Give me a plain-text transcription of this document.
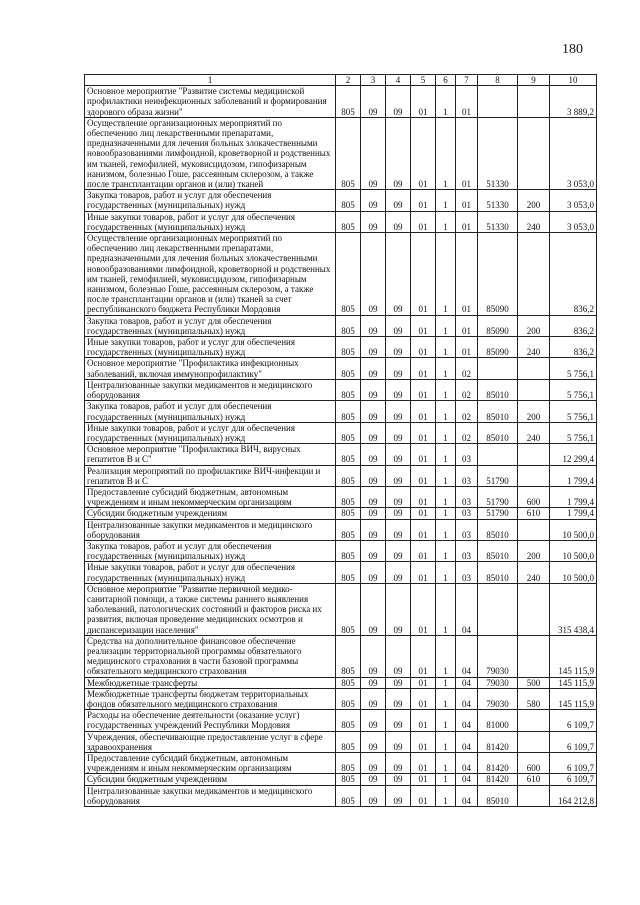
180
1	2	3	4	5	6	7	8	9	10
Основное мероприятие "Развитие системы медицинской профилактики неинфекционных заболеваний и формирования здорового образа жизни"	805	09	09	01	1	01			3 889,2
Осуществление организационных мероприятий по обеспечению лиц лекарственными препаратами, предназначенными для лечения больных злокачественными новообразованиями лимфоидной, кроветворной и родственных им тканей, гемофилией, муковисцидозом, гипофизарным нанизмом, болезнью Гоше, рассеянным склерозом, а также после трансплантации органов и (или) тканей	805	09	09	01	1	01	51330		3 053,0
Закупка товаров, работ и услуг для обеспечения государственных (муниципальных) нужд	805	09	09	01	1	01	51330	200	3 053,0
Иные закупки товаров, работ и услуг для обеспечения государственных (муниципальных) нужд	805	09	09	01	1	01	51330	240	3 053,0
Осуществление организационных мероприятий по обеспечению лиц лекарственными препаратами, предназначенными для лечения больных злокачественными новообразованиями лимфоидной, кроветворной и родственных им тканей, гемофилией, муковисцидозом, гипофизарным нанизмом, болезнью Гоше, рассеянным склерозом, а также после трансплантации органов и (или) тканей за счет республиканского бюджета Республики Мордовия	805	09	09	01	1	01	85090		836,2
Закупка товаров, работ и услуг для обеспечения государственных (муниципальных) нужд	805	09	09	01	1	01	85090	200	836,2
Иные закупки товаров, работ и услуг для обеспечения государственных (муниципальных) нужд	805	09	09	01	1	01	85090	240	836,2
Основное мероприятие "Профилактика инфекционных заболеваний, включая иммунопрофилактику"	805	09	09	01	1	02			5 756,1
Централизованные закупки медикаментов и медицинского оборудования	805	09	09	01	1	02	85010		5 756,1
Закупка товаров, работ и услуг для обеспечения государственных (муниципальных) нужд	805	09	09	01	1	02	85010	200	5 756,1
Иные закупки товаров, работ и услуг для обеспечения государственных (муниципальных) нужд	805	09	09	01	1	02	85010	240	5 756,1
Основное мероприятие "Профилактика ВИЧ, вирусных гепатитов В и С"	805	09	09	01	1	03			12 299,4
Реализация мероприятий по профилактике ВИЧ-инфекции и гепатитов В и С	805	09	09	01	1	03	51790		1 799,4
Предоставление субсидий бюджетным, автономным учреждениям и иным некоммерческим организациям	805	09	09	01	1	03	51790	600	1 799,4
Субсидии бюджетным учреждениям	805	09	09	01	1	03	51790	610	1 799,4
Централизованные закупки медикаментов и медицинского оборудования	805	09	09	01	1	03	85010		10 500,0
Закупка товаров, работ и услуг для обеспечения государственных (муниципальных) нужд	805	09	09	01	1	03	85010	200	10 500,0
Иные закупки товаров, работ и услуг для обеспечения государственных (муниципальных) нужд	805	09	09	01	1	03	85010	240	10 500,0
Основное мероприятие "Развитие первичной медико-санитарной помощи, а также системы раннего выявления заболеваний, патологических состояний и факторов риска их развития, включая проведение медицинских осмотров и диспансеризации населения"	805	09	09	01	1	04			315 438,4
Средства на дополнительное финансовое обеспечение реализации территориальной программы обязательного медицинского страхования в части базовой программы обязательного медицинского страхования	805	09	09	01	1	04	79030		145 115,9
Межбюджетные трансферты	805	09	09	01	1	04	79030	500	145 115,9
Межбюджетные трансферты бюджетам территориальных фондов обязательного медицинского страхования	805	09	09	01	1	04	79030	580	145 115,9
Расходы на обеспечение деятельности (оказание услуг) государственных учреждений Республики Мордовия	805	09	09	01	1	04	81000		6 109,7
Учреждения, обеспечивающие предоставление услуг в сфере здравоохранения	805	09	09	01	1	04	81420		6 109,7
Предоставление субсидий бюджетным, автономным учреждениям и иным некоммерческим организациям	805	09	09	01	1	04	81420	600	6 109,7
Субсидии бюджетным учреждениям	805	09	09	01	1	04	81420	610	6 109,7
Централизованные закупки медикаментов и медицинского оборудования	805	09	09	01	1	04	85010		164 212,8
